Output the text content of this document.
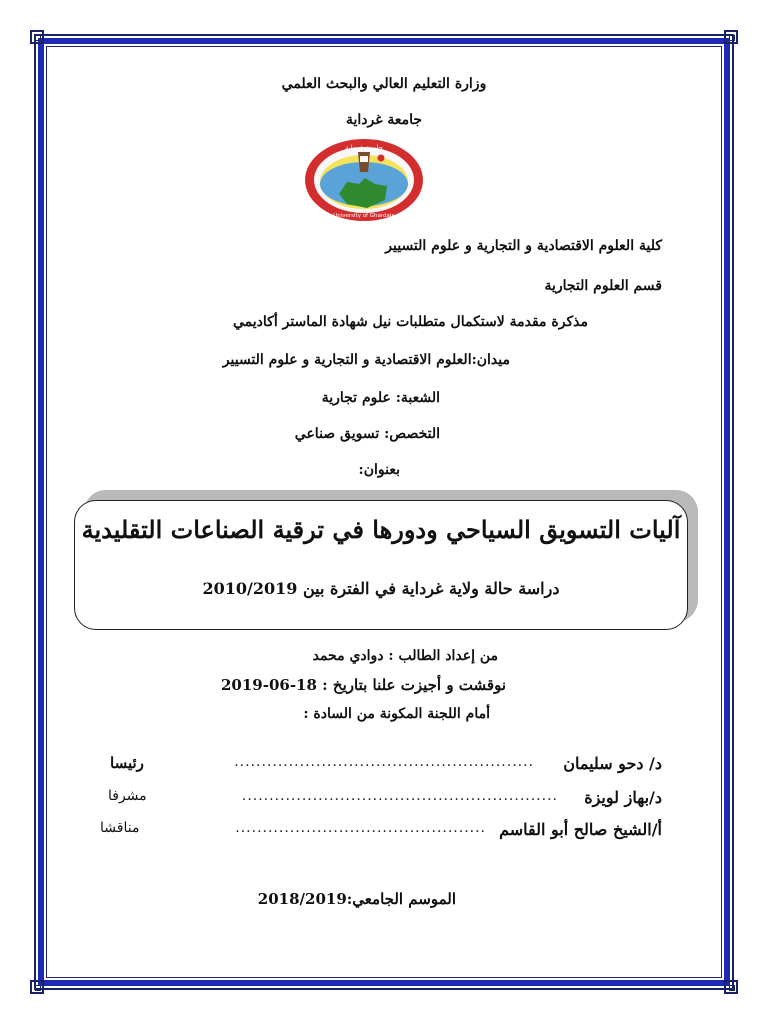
وزارة التعليم العالي والبحث العلمي
جامعة غرداية
جامعة غرداية
University of Ghardaia
كلية العلوم الاقتصادية و التجارية و علوم التسيير
قسم العلوم التجارية
مذكرة مقدمة لاستكمال متطلبات نيل شهادة الماستر أكاديمي
ميدان:العلوم الاقتصادية و التجارية و علوم التسيير
الشعبة: علوم تجارية
التخصص: تسويق صناعي
بعنوان:
آليات التسويق السياحي ودورها في ترقية الصناعات التقليدية
دراسة حالة ولاية غرداية في الفترة بين 2010/2019
من إعداد الطالب : دوادي محمد
نوقشت و أجيزت علنا بتاريخ : 18-06-2019
أمام اللجنة المكونة من السادة :
د/ دحو سليمان
.......................................................
رئيسا
د/بهاز لويزة
..........................................................
مشرفا
أ/الشيخ صالح أبو القاسم
..............................................
مناقشا
الموسم الجامعي:2018/2019
